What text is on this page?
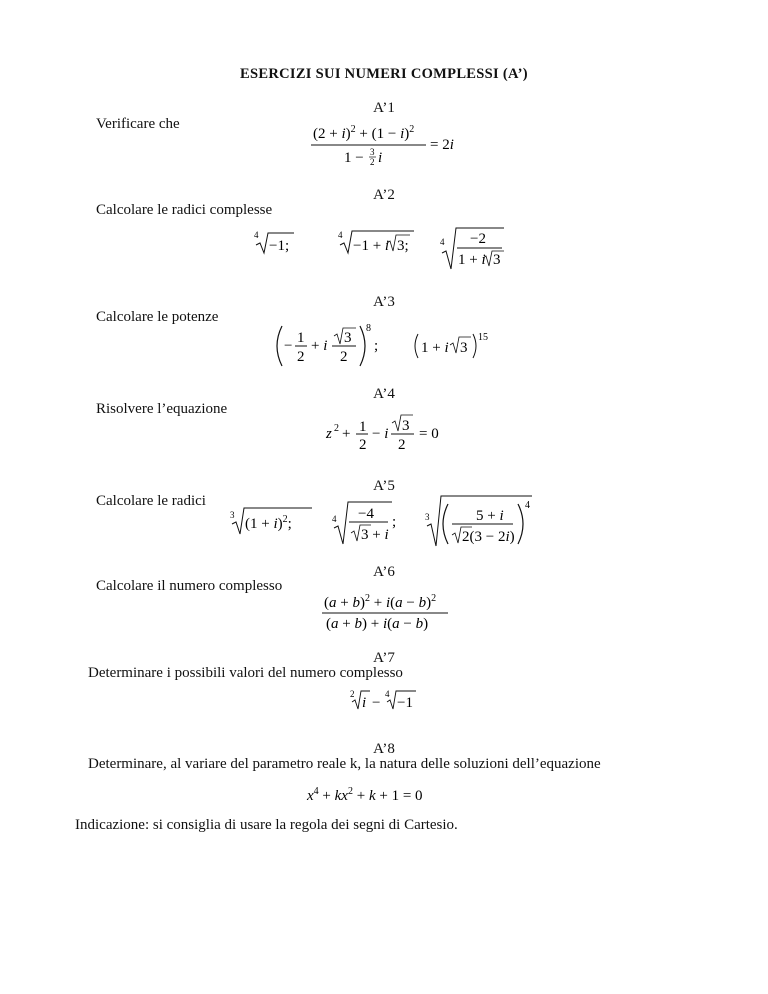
ESERCIZI SUI NUMERI COMPLESSI (A’)
A’1
Verificare che
$(2 + i)^2 + (1 - i)^2$
1 − 3
2 i
= 2i
A’2
Calcolare le radici complesse
4
−1;
4
−1 + i 3;	4 −2
1 + i 3
A’3
Calcolare le potenze
− 1
2
+ i 3
2
8
;	1 + i 3
15
A’4
Risolvere l’equazione
z 2 + 1
2
− i 3
2
= 0
A’5
Calcolare le radici
3
$(1 + i)^2$;	4 −4
3 + i
;	3	5 + i
2(3 − 2i)
4
A’6
Calcolare il numero complesso
$(a + b)^2 + i(a - b)^2$
(a + b) + i(a − b)
A’7
Determinare i possibili valori del numero complesso
2
i −
4
−1
A’8
Determinare, al variare del parametro reale k, la natura delle soluzioni dell’equazione
$x^4 + kx^2 + k + 1 = 0$
Indicazione: si consiglia di usare la regola dei segni di Cartesio.
